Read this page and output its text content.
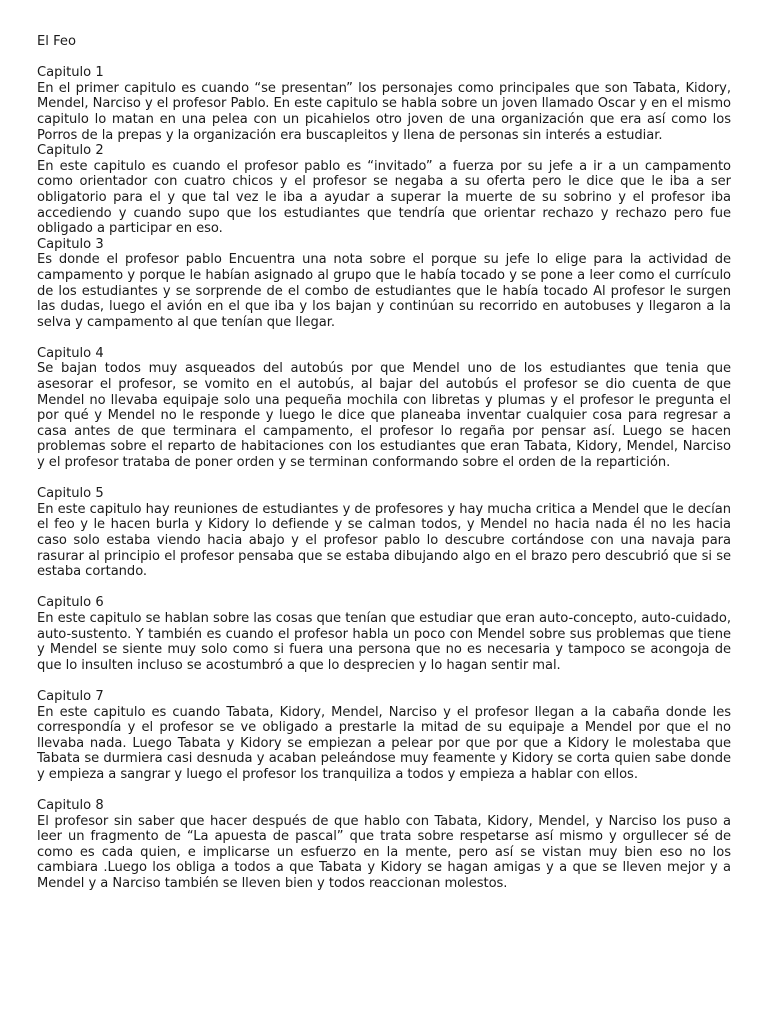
El Feo

Capitulo 1

En el primer capitulo es cuando “se presentan” los personajes como principales que son Tabata, Kidory, Mendel, Narciso y el profesor Pablo. En este capitulo se habla sobre un joven llamado Oscar y en el mismo capitulo lo matan en una pelea con un picahielos otro joven de una organización que era así como los Porros de la prepas y la organización era buscapleitos y llena de personas sin interés a estudiar.

Capitulo 2

En este capitulo es cuando el profesor pablo es “invitado” a fuerza por su jefe a ir a un campamento como orientador con cuatro chicos y el profesor se negaba a su oferta pero le dice que le iba a ser obligatorio para el y que tal vez le iba a ayudar a superar la muerte de su sobrino y el profesor iba accediendo y cuando supo que los estudiantes que tendría que orientar rechazo y rechazo pero fue obligado a participar en eso.

Capitulo 3

Es donde el profesor pablo Encuentra una nota sobre el porque su jefe lo elige para la actividad de campamento y porque le habían asignado al grupo que le había tocado y se pone a leer como el currículo de los estudiantes y se sorprende de el combo de estudiantes que le había tocado Al profesor le surgen las dudas, luego el avión en el que iba y los bajan y continúan su recorrido en autobuses y llegaron a la selva y campamento al que tenían que llegar.

Capitulo 4

Se bajan todos muy asqueados del autobús por que Mendel uno de los estudiantes que tenia que asesorar el profesor, se vomito en el autobús, al bajar del autobús el profesor se dio cuenta de que Mendel no llevaba equipaje solo una pequeña mochila con libretas y plumas y el profesor le pregunta el por qué y Mendel no le responde y luego le dice que planeaba inventar cualquier cosa para regresar a casa antes de que terminara el campamento, el profesor lo regaña por pensar así. Luego se hacen problemas sobre el reparto de habitaciones con los estudiantes que eran Tabata, Kidory, Mendel, Narciso y el profesor trataba de poner orden y se terminan conformando sobre el orden de la repartición.

Capitulo 5

En este capitulo hay reuniones de estudiantes y de profesores y hay mucha critica a Mendel que le decían el feo y le hacen burla y Kidory lo defiende y se calman todos, y Mendel no hacia nada él no les hacia caso solo estaba viendo hacia abajo y el profesor pablo lo descubre cortándose con una navaja para rasurar al principio el profesor pensaba que se estaba dibujando algo en el brazo pero descubrió que si se estaba cortando.

Capitulo 6

En este capitulo se hablan sobre las cosas que tenían que estudiar que eran auto-concepto, auto-cuidado, auto-sustento. Y también es cuando el profesor habla un poco con Mendel sobre sus problemas que tiene y Mendel se siente muy solo como si fuera una persona que no es necesaria y tampoco se acongoja de que lo insulten incluso se acostumbró a que lo desprecien y lo hagan sentir mal.

Capitulo 7

En este capitulo es cuando Tabata, Kidory, Mendel, Narciso y el profesor llegan a la cabaña donde les correspondía y el profesor se ve obligado a prestarle la mitad de su equipaje a Mendel por que el no llevaba nada. Luego Tabata y Kidory se empiezan a pelear por que por que a Kidory le molestaba que Tabata se durmiera casi desnuda y acaban peleándose muy feamente y Kidory se corta quien sabe donde y empieza a sangrar y luego el profesor los tranquiliza a todos y empieza a hablar con ellos.

Capitulo 8

El profesor sin saber que hacer después de que hablo con Tabata, Kidory, Mendel, y Narciso los puso a leer un fragmento de “La apuesta de pascal” que trata sobre respetarse así mismo y orgullecer sé de como es cada quien, e implicarse un esfuerzo en la mente, pero así se vistan muy bien eso no los cambiara .Luego los obliga a todos a que Tabata y Kidory se hagan amigas y a que se lleven mejor y a Mendel y a Narciso también se lleven bien y todos reaccionan molestos.
